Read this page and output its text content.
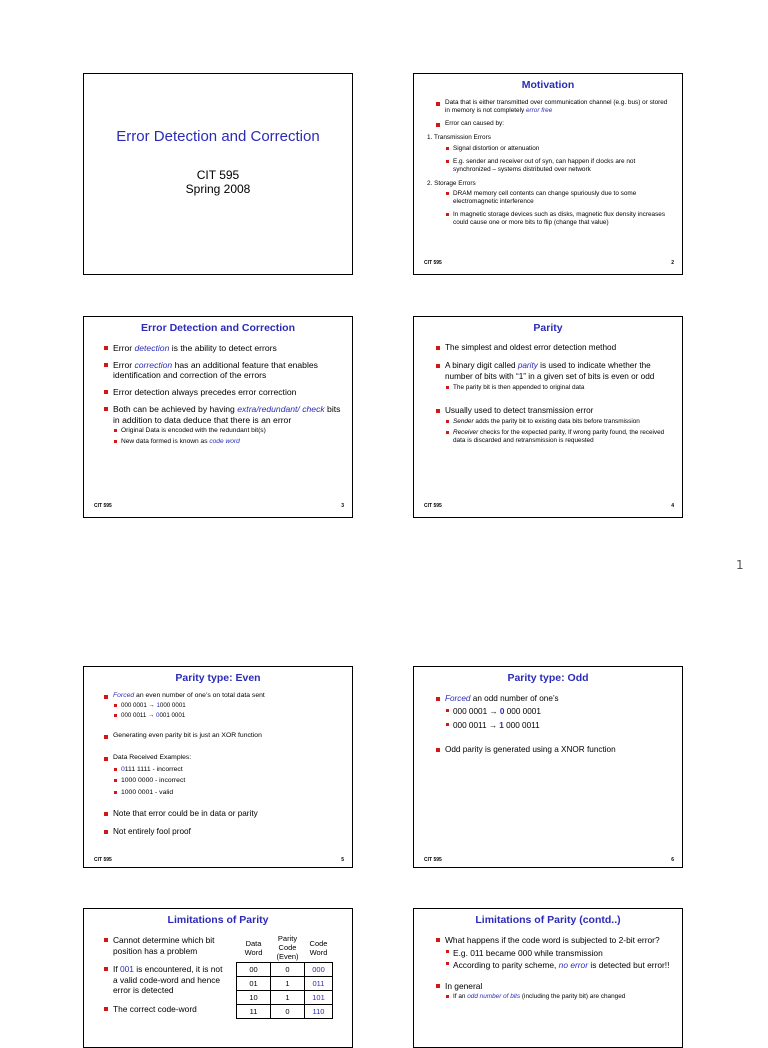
1
Error Detection and Correction
CIT 595
Spring 2008
Motivation
Data that is either transmitted over communication channel (e.g. bus) or stored in memory is not completely error free
Error can caused by:
1. Transmission Errors
Signal distortion or attenuation
E.g. sender and receiver out of syn, can happen if clocks are not synchronized – systems distributed over network
2. Storage Errors
DRAM memory cell contents can change spuriously due to some electromagnetic interference
In magnetic storage devices such as disks, magnetic flux density increases could cause one or more bits to flip (change that value)
CIT 595	2
Error Detection and Correction
Error detection is the ability to detect errors
Error correction has an additional feature that enables identification and correction of the errors
Error detection always precedes error correction
Both can be achieved by having extra/redundant/ check bits in addition to data deduce that there is an error
Original Data is encoded with the redundant bit(s)
New data formed is known as code word
CIT 595	3
Parity
The simplest and oldest error detection method
A binary digit called parity is used to indicate whether the number of bits with “1” in a given set of bits is even or odd
The parity bit is then appended to original data
Usually used to detect transmission error
Sender adds the parity bit to existing data bits before transmission
Receiver checks for the expected parity, If wrong parity found, the received data is discarded and retransmission is requested
CIT 595	4
Parity type: Even
Forced an even number of one’s on total data sent
000 0001 → 1000 0001
000 0011 → 0001 0001
Generating even parity bit is just an XOR function
Data Received Examples:
0111 1111 - incorrect
1000 0000 - incorrect
1000 0001 - valid
Note that error could be in data or parity
Not entirely fool proof
CIT 595	5
Parity type: Odd
Forced an odd number of one’s
000 0001 → 0 000 0001
000 0011 → 1 000 0011
Odd parity is generated using a XNOR function
CIT 595	6
Limitations of Parity
Cannot determine which bit position has a problem
If 001 is encountered, it is not a valid code-word and hence error is detected
The correct code-word
Data Word	Parity Code (Even)	Code Word
00	0	000
01	1	011
10	1	101
11	0	110
Limitations of Parity (contd..)
What happens if the code word is subjected to 2-bit error?
E.g. 011 became 000 while transmission
According to parity scheme, no error is detected but error!!
In general
If an odd number of bits (including the parity bit) are changed
